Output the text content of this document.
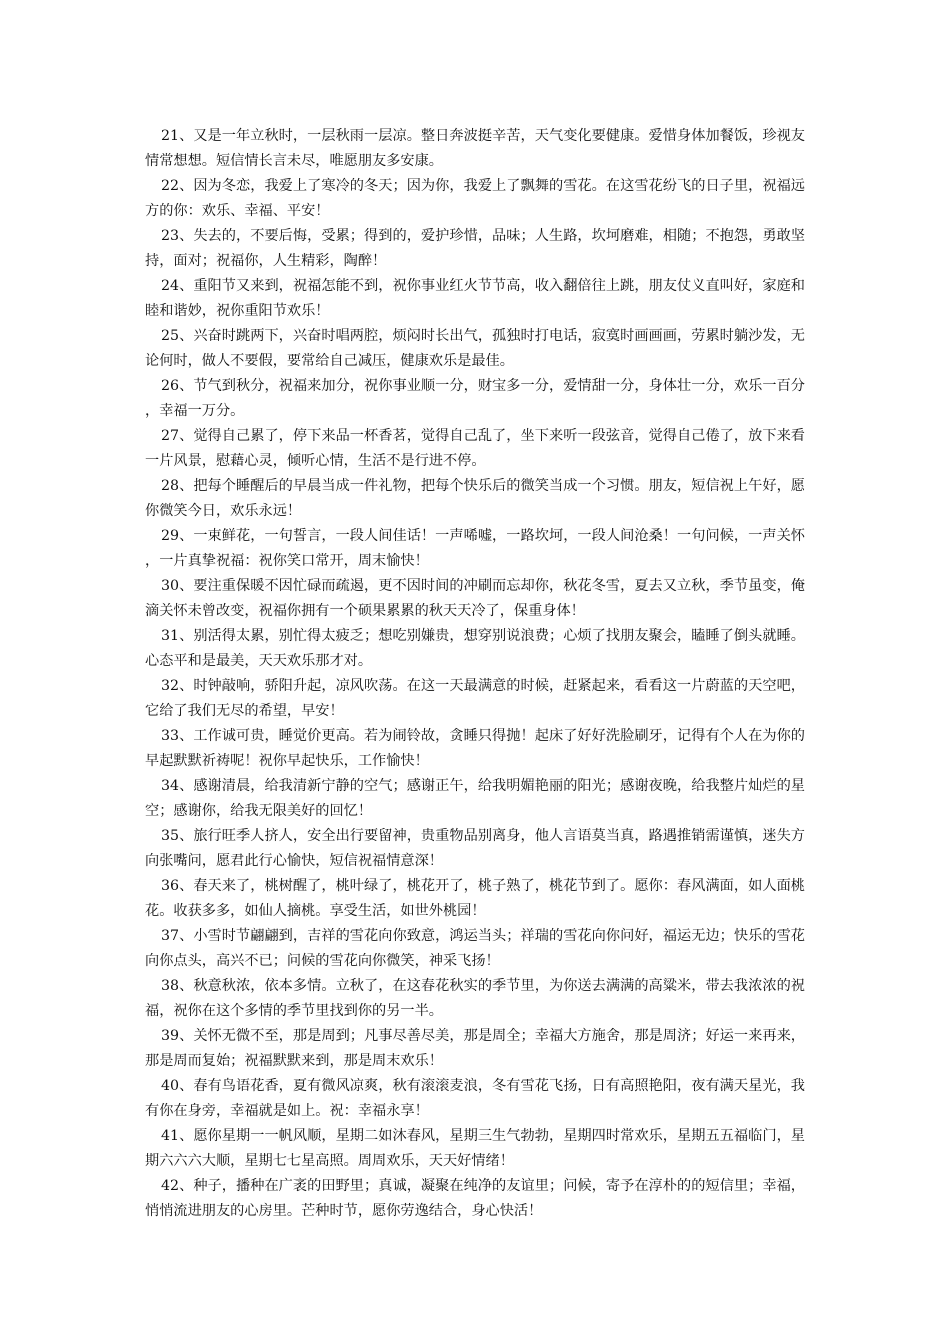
21、又是一年立秋时，一层秋雨一层凉。整日奔波挺辛苦，天气变化要健康。爱惜身体加餐饭，珍视友情常想想。短信情长言未尽，唯愿朋友多安康。

22、因为冬恋，我爱上了寒冷的冬天；因为你，我爱上了飘舞的雪花。在这雪花纷飞的日子里，祝福远方的你：欢乐、幸福、平安！

23、失去的，不要后悔，受累；得到的，爱护珍惜，品味；人生路，坎坷磨难，相随；不抱怨，勇敢坚持，面对；祝福你，人生精彩，陶醉！

24、重阳节又来到，祝福怎能不到，祝你事业红火节节高，收入翻倍往上跳，朋友仗义直叫好，家庭和睦和谐妙，祝你重阳节欢乐！

25、兴奋时跳两下，兴奋时唱两腔，烦闷时长出气，孤独时打电话，寂寞时画画画，劳累时躺沙发，无论何时，做人不要假，要常给自己减压，健康欢乐是最佳。

26、节气到秋分，祝福来加分，祝你事业顺一分，财宝多一分，爱情甜一分，身体壮一分，欢乐一百分，幸福一万分。

27、觉得自己累了，停下来品一杯香茗，觉得自己乱了，坐下来听一段弦音，觉得自己倦了，放下来看一片风景，慰藉心灵，倾听心情，生活不是行进不停。

28、把每个睡醒后的早晨当成一件礼物，把每个快乐后的微笑当成一个习惯。朋友，短信祝上午好，愿你微笑今日，欢乐永远！

29、一束鲜花，一句誓言，一段人间佳话！一声唏嘘，一路坎坷，一段人间沧桑！一句问候，一声关怀，一片真挚祝福：祝你笑口常开，周末愉快！

30、要注重保暖不因忙碌而疏遏，更不因时间的冲刷而忘却你，秋花冬雪，夏去又立秋，季节虽变，俺滴关怀未曾改变，祝福你拥有一个硕果累累的秋天天冷了，保重身体！

31、别活得太累，别忙得太疲乏；想吃别嫌贵，想穿别说浪费；心烦了找朋友聚会，瞌睡了倒头就睡。心态平和是最美，天天欢乐那才对。

32、时钟敲响，骄阳升起，凉风吹荡。在这一天最满意的时候，赶紧起来，看看这一片蔚蓝的天空吧，它给了我们无尽的希望，早安！

33、工作诚可贵，睡觉价更高。若为闹铃故，贪睡只得抛！起床了好好洗脸刷牙，记得有个人在为你的早起默默祈祷呢！祝你早起快乐，工作愉快！

34、感谢清晨，给我清新宁静的空气；感谢正午，给我明媚艳丽的阳光；感谢夜晚，给我整片灿烂的星空；感谢你，给我无限美好的回忆！

35、旅行旺季人挤人，安全出行要留神，贵重物品别离身，他人言语莫当真，路遇推销需谨慎，迷失方向张嘴问，愿君此行心愉快，短信祝福情意深！

36、春天来了，桃树醒了，桃叶绿了，桃花开了，桃子熟了，桃花节到了。愿你：春风满面，如人面桃花。收获多多，如仙人摘桃。享受生活，如世外桃园！

37、小雪时节翩翩到，吉祥的雪花向你致意，鸿运当头；祥瑞的雪花向你问好，福运无边；快乐的雪花向你点头，高兴不已；问候的雪花向你微笑，神采飞扬！

38、秋意秋浓，依本多情。立秋了，在这春花秋实的季节里，为你送去满满的高粱米，带去我浓浓的祝福，祝你在这个多情的季节里找到你的另一半。

39、关怀无微不至，那是周到；凡事尽善尽美，那是周全；幸福大方施舍，那是周济；好运一来再来，那是周而复始；祝福默默来到，那是周末欢乐！

40、春有鸟语花香，夏有微风凉爽，秋有滚滚麦浪，冬有雪花飞扬，日有高照艳阳，夜有满天星光，我有你在身旁，幸福就是如上。祝：幸福永享！

41、愿你星期一一帆风顺，星期二如沐春风，星期三生气勃勃，星期四时常欢乐，星期五五福临门，星期六六六大顺，星期七七星高照。周周欢乐，天天好情绪！

42、种子，播种在广袤的田野里；真诚，凝聚在纯净的友谊里；问候，寄予在淳朴的的短信里；幸福，悄悄流进朋友的心房里。芒种时节，愿你劳逸结合，身心快活！
